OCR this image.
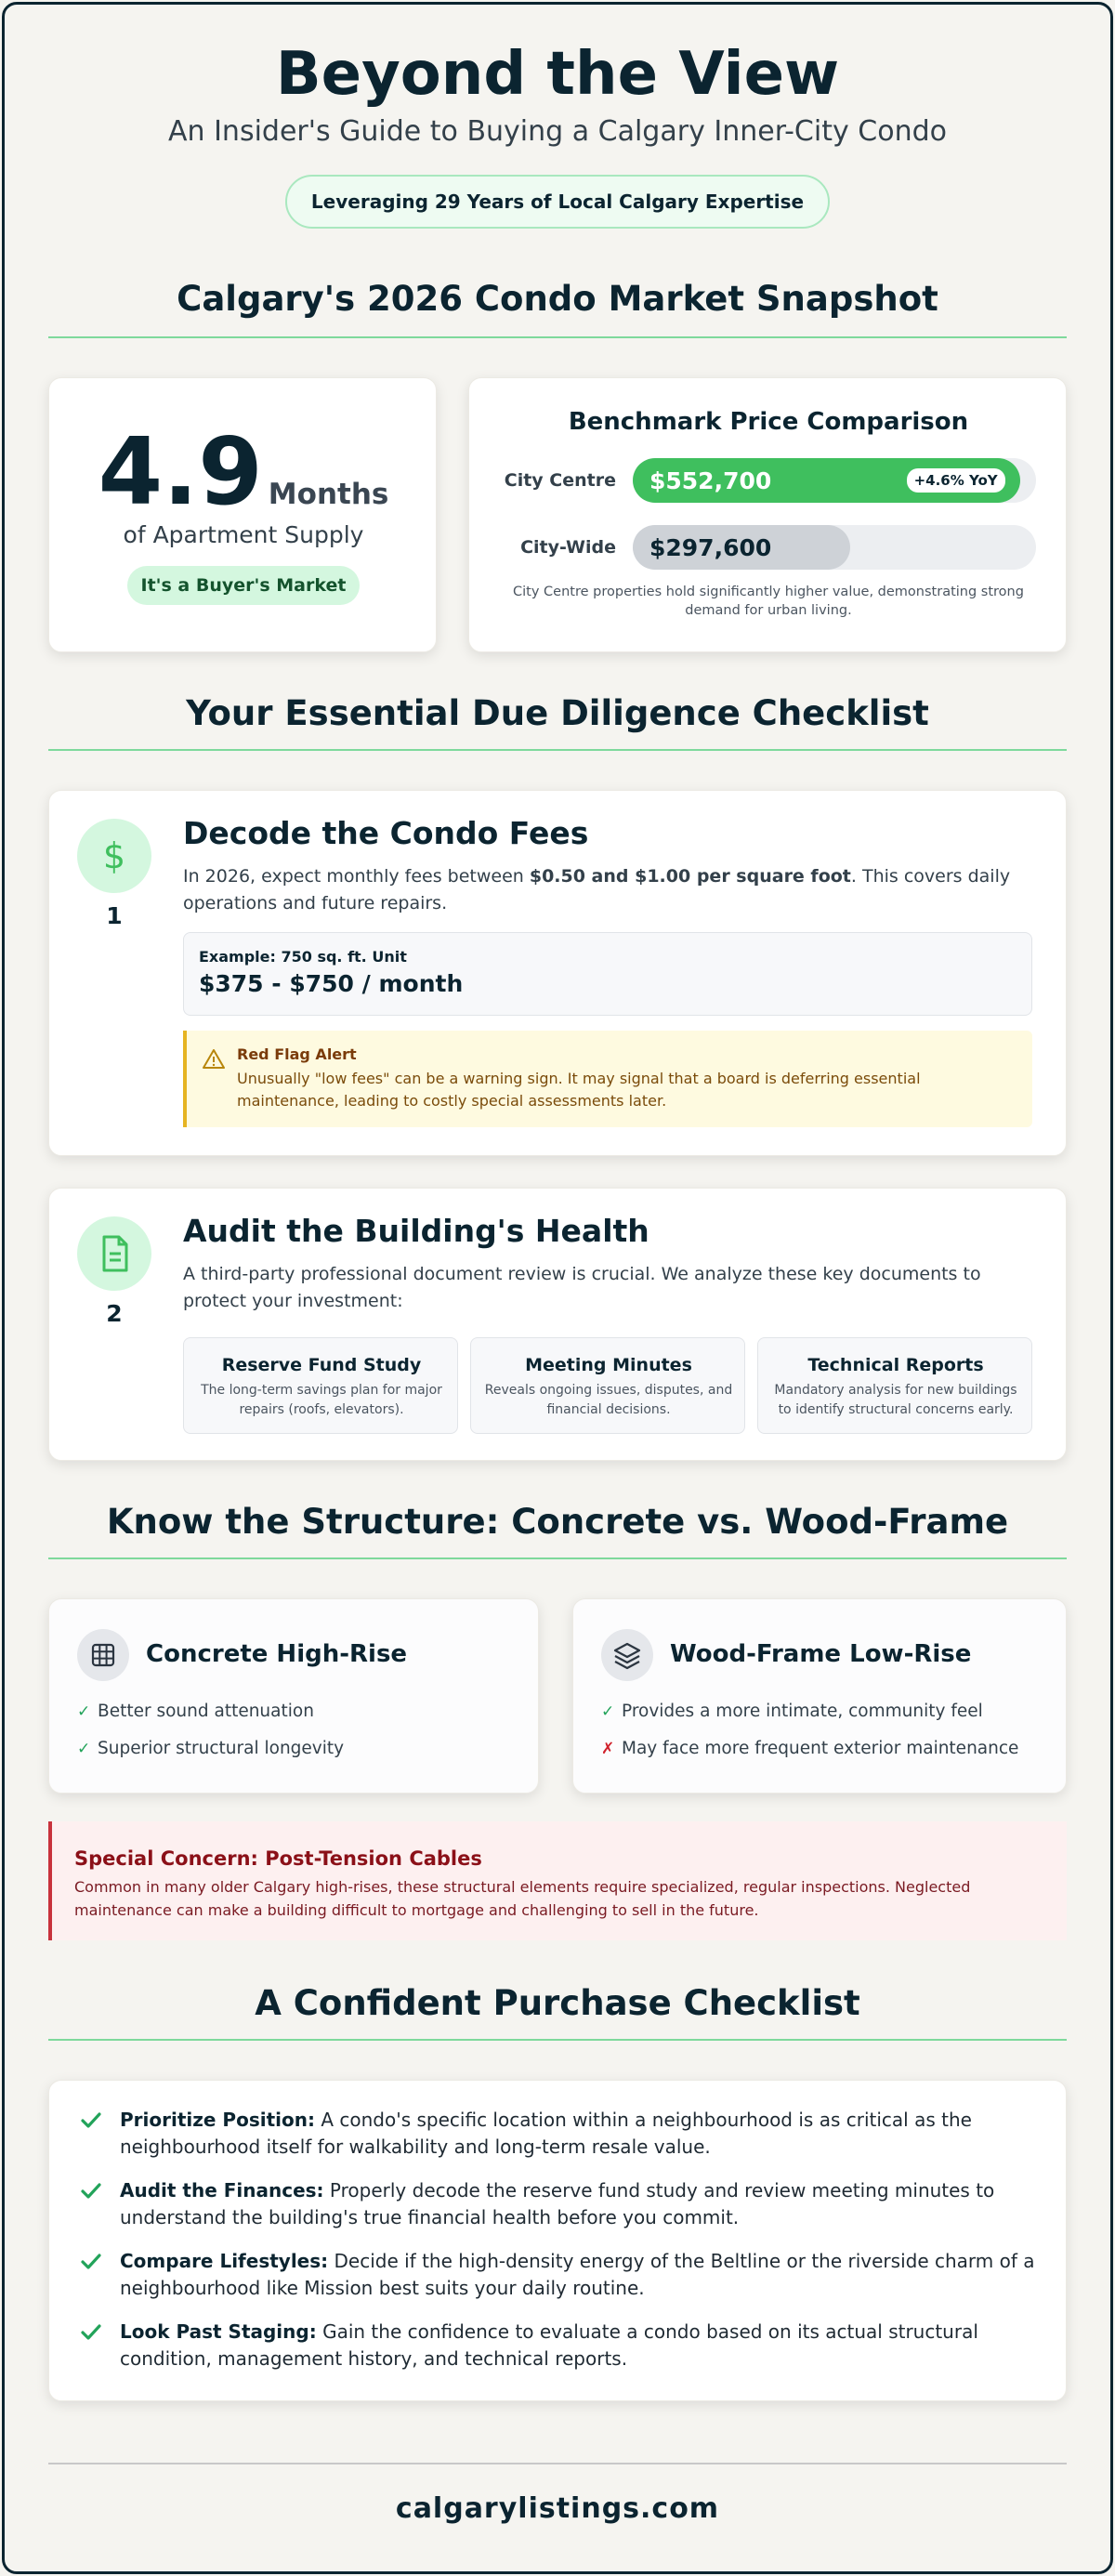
Beyond the View
An Insider's Guide to Buying a Calgary Inner-City Condo
Leveraging 29 Years of Local Calgary Expertise
Calgary's 2026 Condo Market Snapshot
4.9 Months
of Apartment Supply
It's a Buyer's Market
Benchmark Price Comparison
City Centre $552,700	+4.6% YoY
City-Wide $297,600
City Centre properties hold significantly higher value, demonstrating strong demand for urban living.
Your Essential Due Diligence Checklist
$
1
Decode the Condo Fees
In 2026, expect monthly fees between $0.50 and $1.00 per square foot. This covers daily operations and future repairs.
Example: 750 sq. ft. Unit
$375 - $750 / month
Red Flag Alert
Unusually "low fees" can be a warning sign. It may signal that a board is deferring essential maintenance, leading to costly special assessments later.
2
Audit the Building's Health
A third-party professional document review is crucial. We analyze these key documents to protect your investment:
Reserve Fund Study
The long-term savings plan for major repairs (roofs, elevators).
Meeting Minutes
Reveals ongoing issues, disputes, and financial decisions.
Technical Reports
Mandatory analysis for new buildings to identify structural concerns early.
Know the Structure: Concrete vs. Wood-Frame
Concrete High-Rise
✓ Better sound attenuation
✓ Superior structural longevity
Wood-Frame Low-Rise
✓ Provides a more intimate, community feel
✗ May face more frequent exterior maintenance
Special Concern: Post-Tension Cables
Common in many older Calgary high-rises, these structural elements require specialized, regular inspections. Neglected maintenance can make a building difficult to mortgage and challenging to sell in the future.
A Confident Purchase Checklist
Prioritize Position: A condo's specific location within a neighbourhood is as critical as the neighbourhood itself for walkability and long-term resale value.
Audit the Finances: Properly decode the reserve fund study and review meeting minutes to understand the building's true financial health before you commit.
Compare Lifestyles: Decide if the high-density energy of the Beltline or the riverside charm of a neighbourhood like Mission best suits your daily routine.
Look Past Staging: Gain the confidence to evaluate a condo based on its actual structural condition, management history, and technical reports.
calgarylistings.com
